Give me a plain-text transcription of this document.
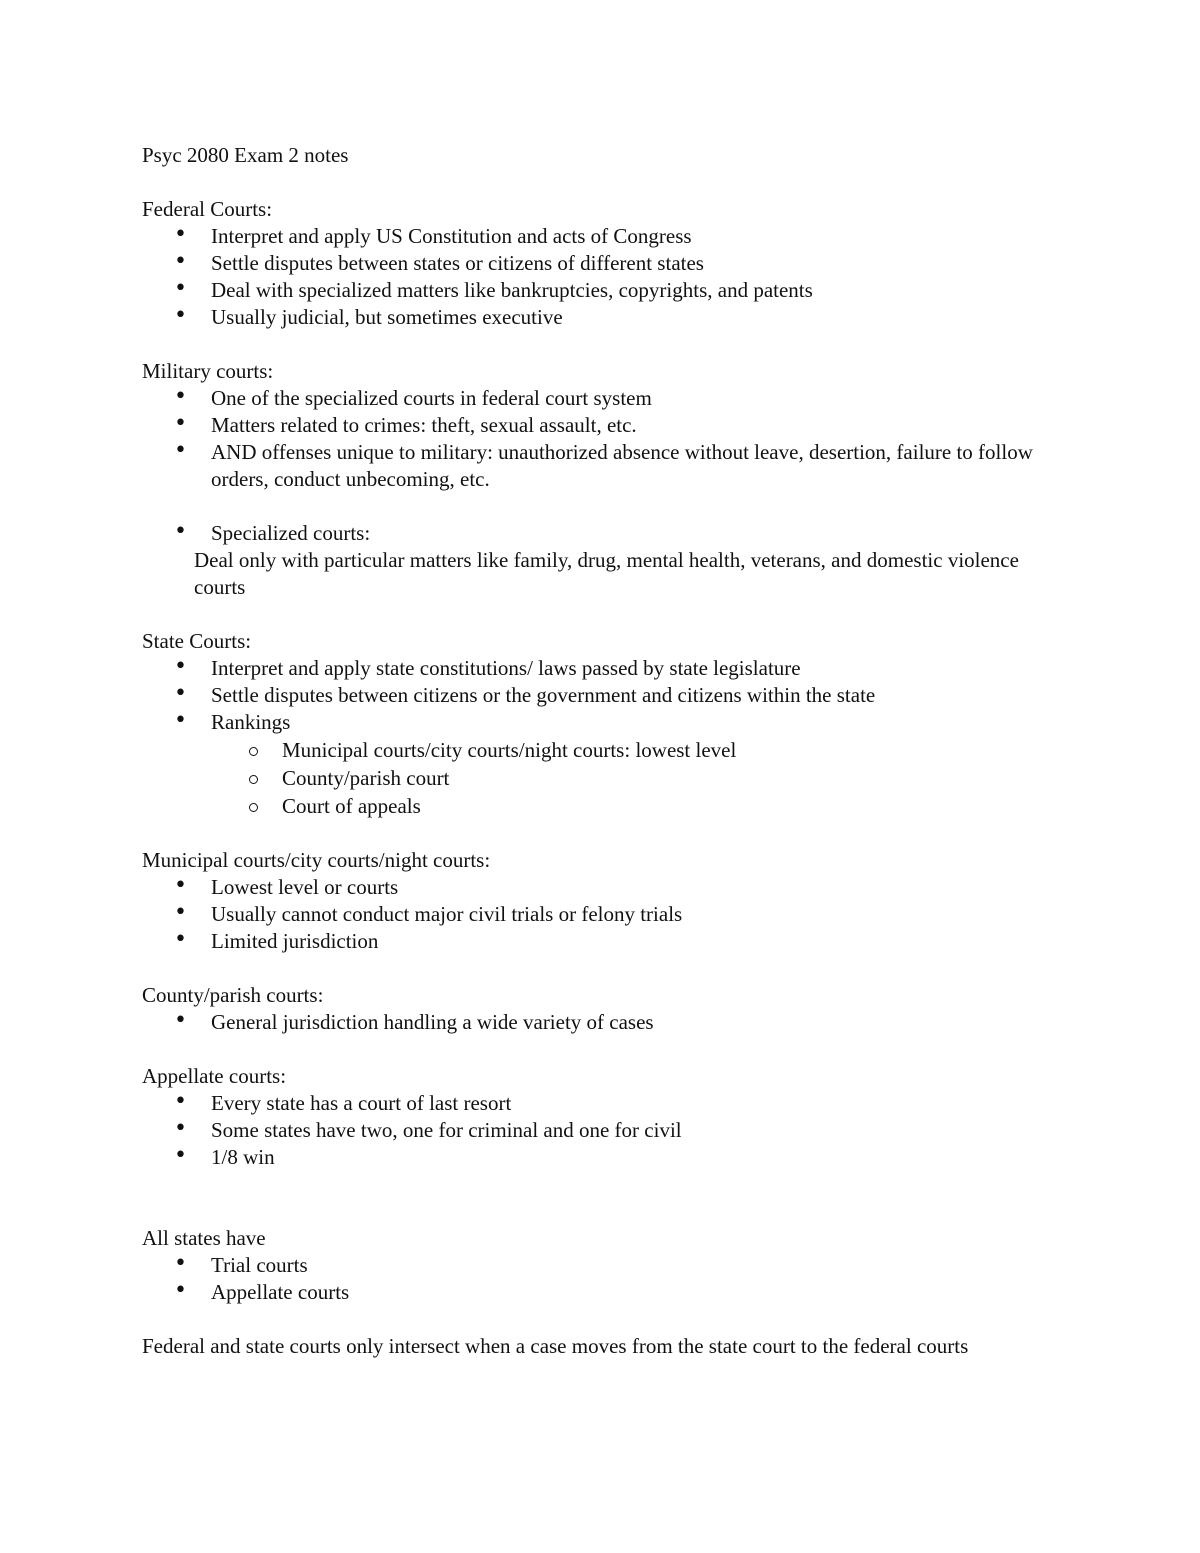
Psyc 2080 Exam 2 notes

Federal Courts:

• Interpret and apply US Constitution and acts of Congress
• Settle disputes between states or citizens of different states
• Deal with specialized matters like bankruptcies, copyrights, and patents
• Usually judicial, but sometimes executive

Military courts:

• One of the specialized courts in federal court system
• Matters related to crimes: theft, sexual assault, etc.
• AND offenses unique to military: unauthorized absence without leave, desertion, failure to follow orders, conduct unbecoming, etc.
• Specialized courts:
Deal only with particular matters like family, drug, mental health, veterans, and domestic violence courts

State Courts:

• Interpret and apply state constitutions/ laws passed by state legislature
• Settle disputes between citizens or the government and citizens within the state
• Rankings
Municipal courts/city courts/night courts: lowest level
County/parish court
Court of appeals

Municipal courts/city courts/night courts:

• Lowest level or courts
• Usually cannot conduct major civil trials or felony trials
• Limited jurisdiction

County/parish courts:

• General jurisdiction handling a wide variety of cases

Appellate courts:

• Every state has a court of last resort
• Some states have two, one for criminal and one for civil
• 1/8 win

All states have

• Trial courts
• Appellate courts

Federal and state courts only intersect when a case moves from the state court to the federal courts
